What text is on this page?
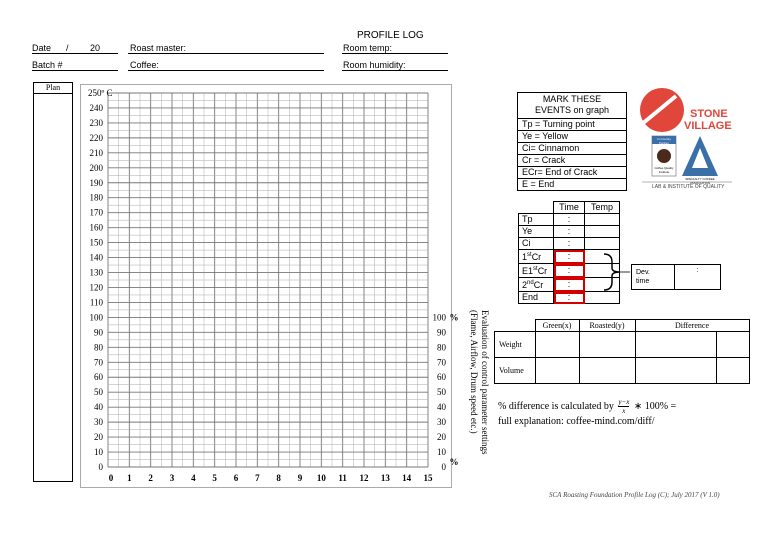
PROFILE LOG
Date / 20	Roast master:	Room temp:
Batch #	Coffee:	Room humidity:
Plan
0
10
20
30
40
50
60
70
80
90
100
110
120
130
140
150
160
170
180
190
200
210
220
230
240
250º C
0 1 2 3 4 5 6 7 8 9 10 11 12 13 14 15
0
10
20
30
40
50
60
70
80
90
100 %
%
Evaluation of control parameter settings
(Flame, Airflow, Drum speed etc.)
MARK THESE
EVENTS on graph
Tp = Turning point
Ye = Yellow
Ci= Cinnamon
Cr = Crack
ECr= End of Crack
E = End
STONE
VILLAGE
In Country Partner
Coffee Quality Institute
SPECIALTY COFFEE ASSOCIATION
LAB & INSTITUTE OF QUALITY
	Time	Temp
Tp	:	
Ye	:	
Ci	:	
1stCr	:	
E1stCr	:	
2ndCr	:	
End	:	
Dev.
time
:
	Green(x)	Roasted(y)	Difference	
Weight				
Volume				
% difference is calculated by $\frac{y-x}{x}$ ∗ 100% =
full explanation: coffee-mind.com/diff/
SCA Roasting Foundation Profile Log (C); July 2017 (V 1.0)
